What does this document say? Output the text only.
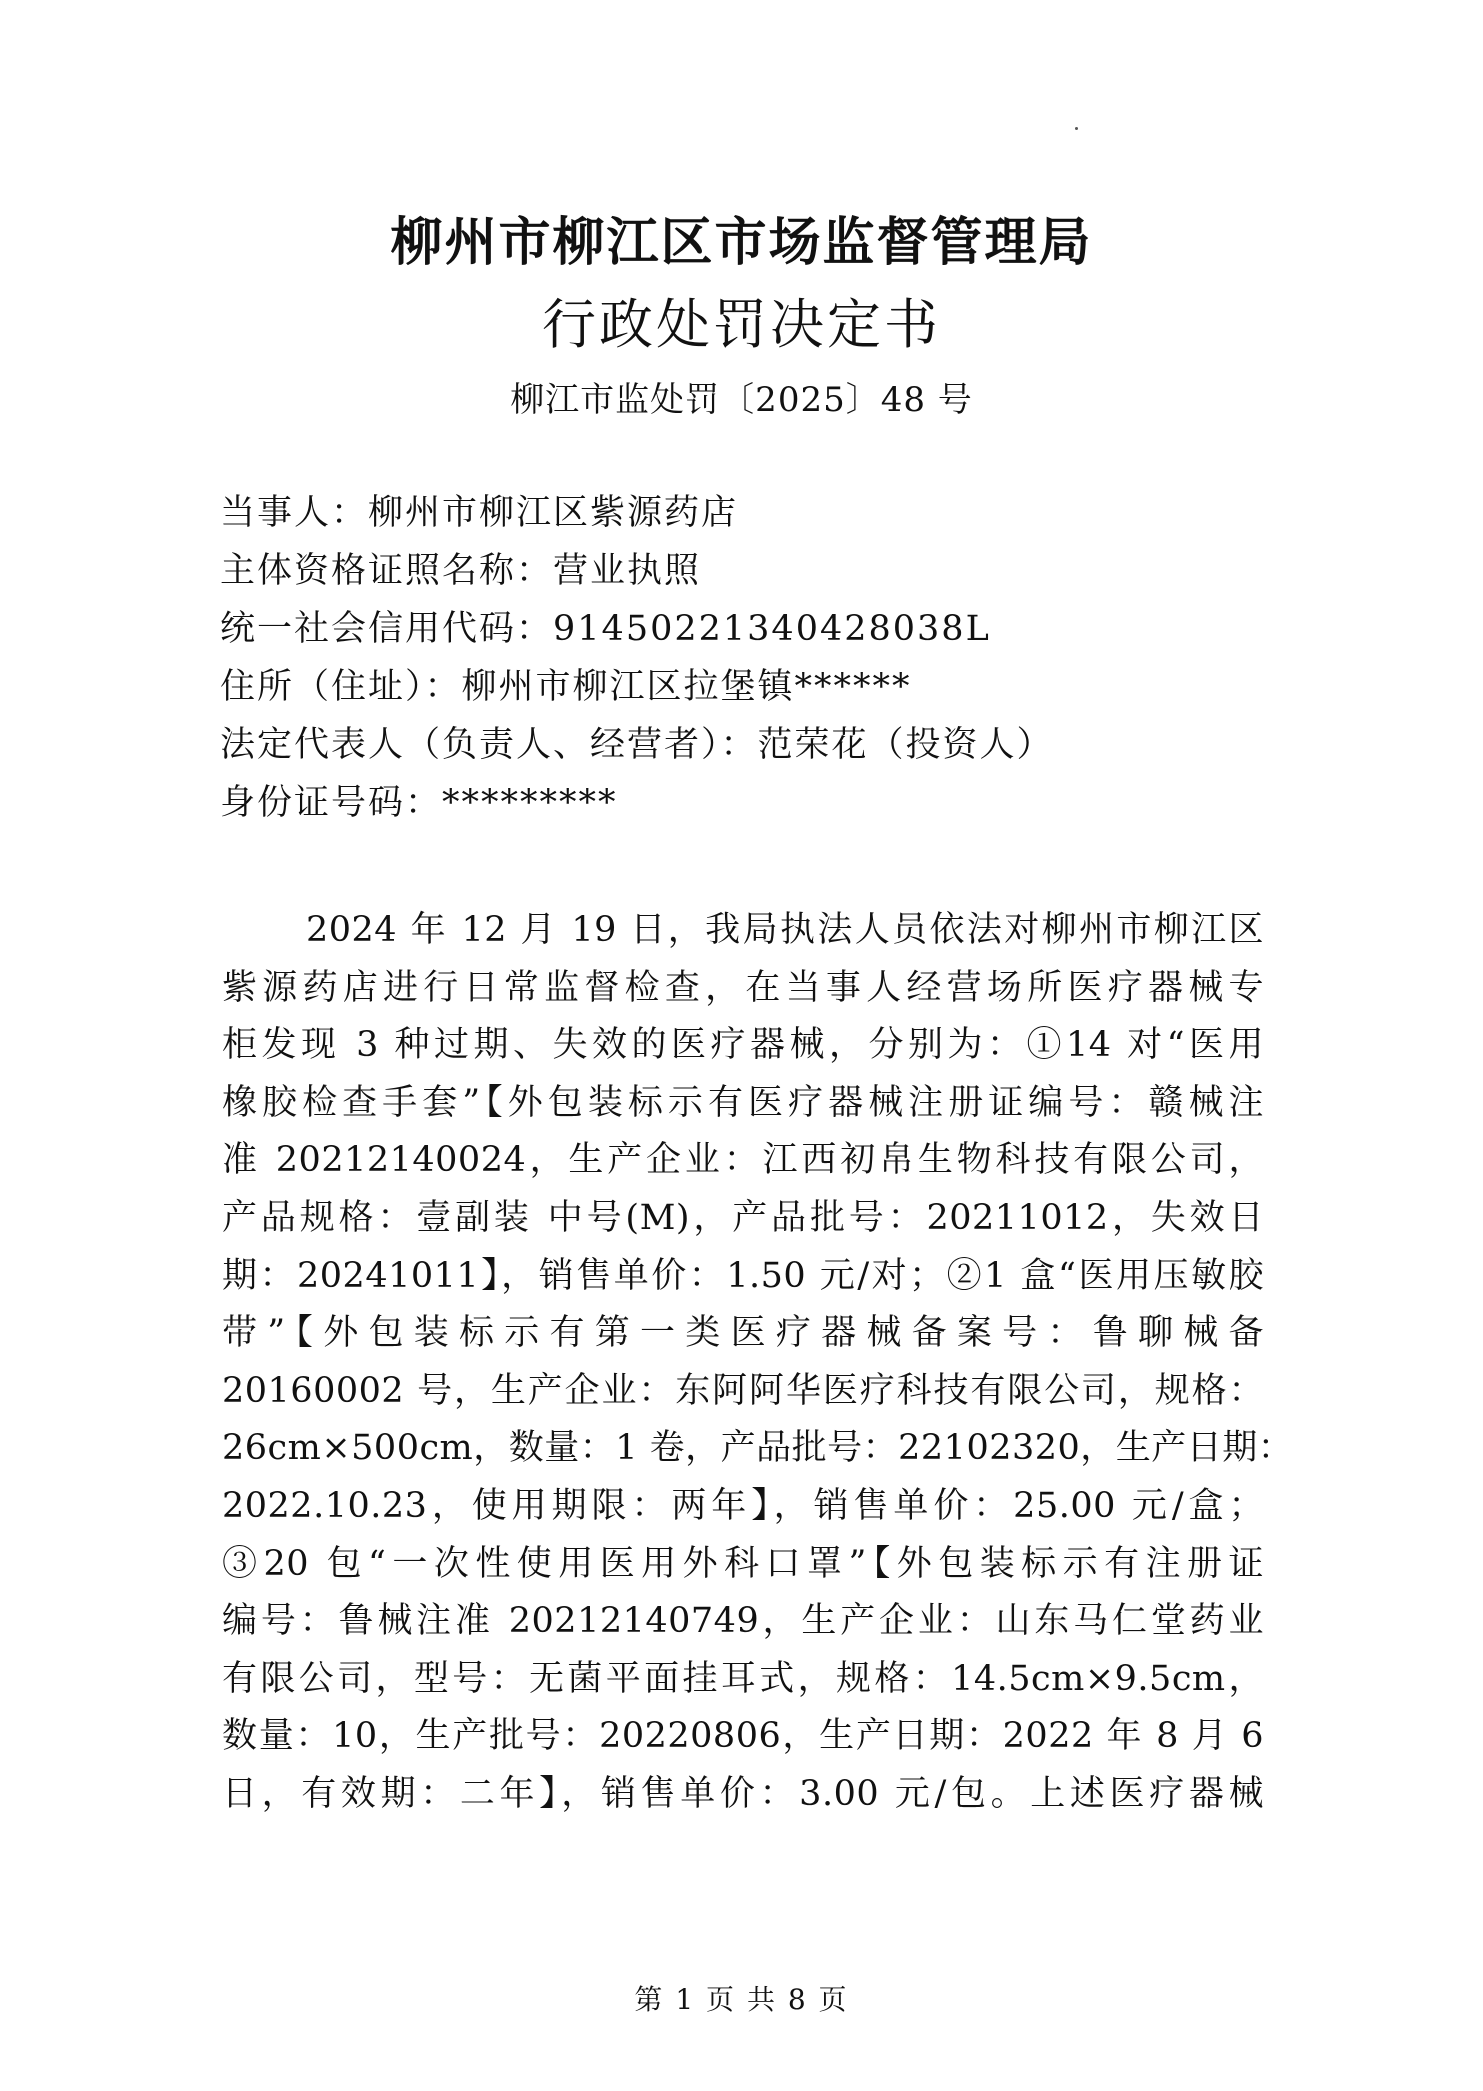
柳州市柳江区市场监督管理局
行政处罚决定书
柳江市监处罚〔2025〕48 号
当事人：柳州市柳江区紫源药店
主体资格证照名称：营业执照
统一社会信用代码：91450221340428038L
住所（住址）：柳州市柳江区拉堡镇******
法定代表人（负责人、经营者）：范荣花（投资人）
身份证号码：*********
2024 年 12 月 19 日，我局执法人员依法对柳州市柳江区
紫源药店进行日常监督检查，在当事人经营场所医疗器械专
柜发现 3 种过期、失效的医疗器械，分别为：①14 对“医用
橡胶检查手套”【外包装标示有医疗器械注册证编号：赣械注
准 20212140024，生产企业：江西初帛生物科技有限公司，
产品规格：壹副装 中号(M)，产品批号：20211012，失效日
期：20241011】，销售单价：1.50 元/对；②1 盒“医用压敏胶
带”【外包装标示有第一类医疗器械备案号：鲁聊械备
20160002 号，生产企业：东阿阿华医疗科技有限公司，规格：
26cm×500cm，数量：1 卷，产品批号：22102320，生产日期：
2022.10.23，使用期限：两年】，销售单价：25.00 元/盒；
③20 包“一次性使用医用外科口罩”【外包装标示有注册证
编号：鲁械注准 20212140749，生产企业：山东马仁堂药业
有限公司，型号：无菌平面挂耳式，规格：14.5cm×9.5cm，
数量：10，生产批号：20220806，生产日期：2022 年 8 月 6
日，有效期：二年】，销售单价：3.00 元/包。上述医疗器械
第 1 页 共 8 页
